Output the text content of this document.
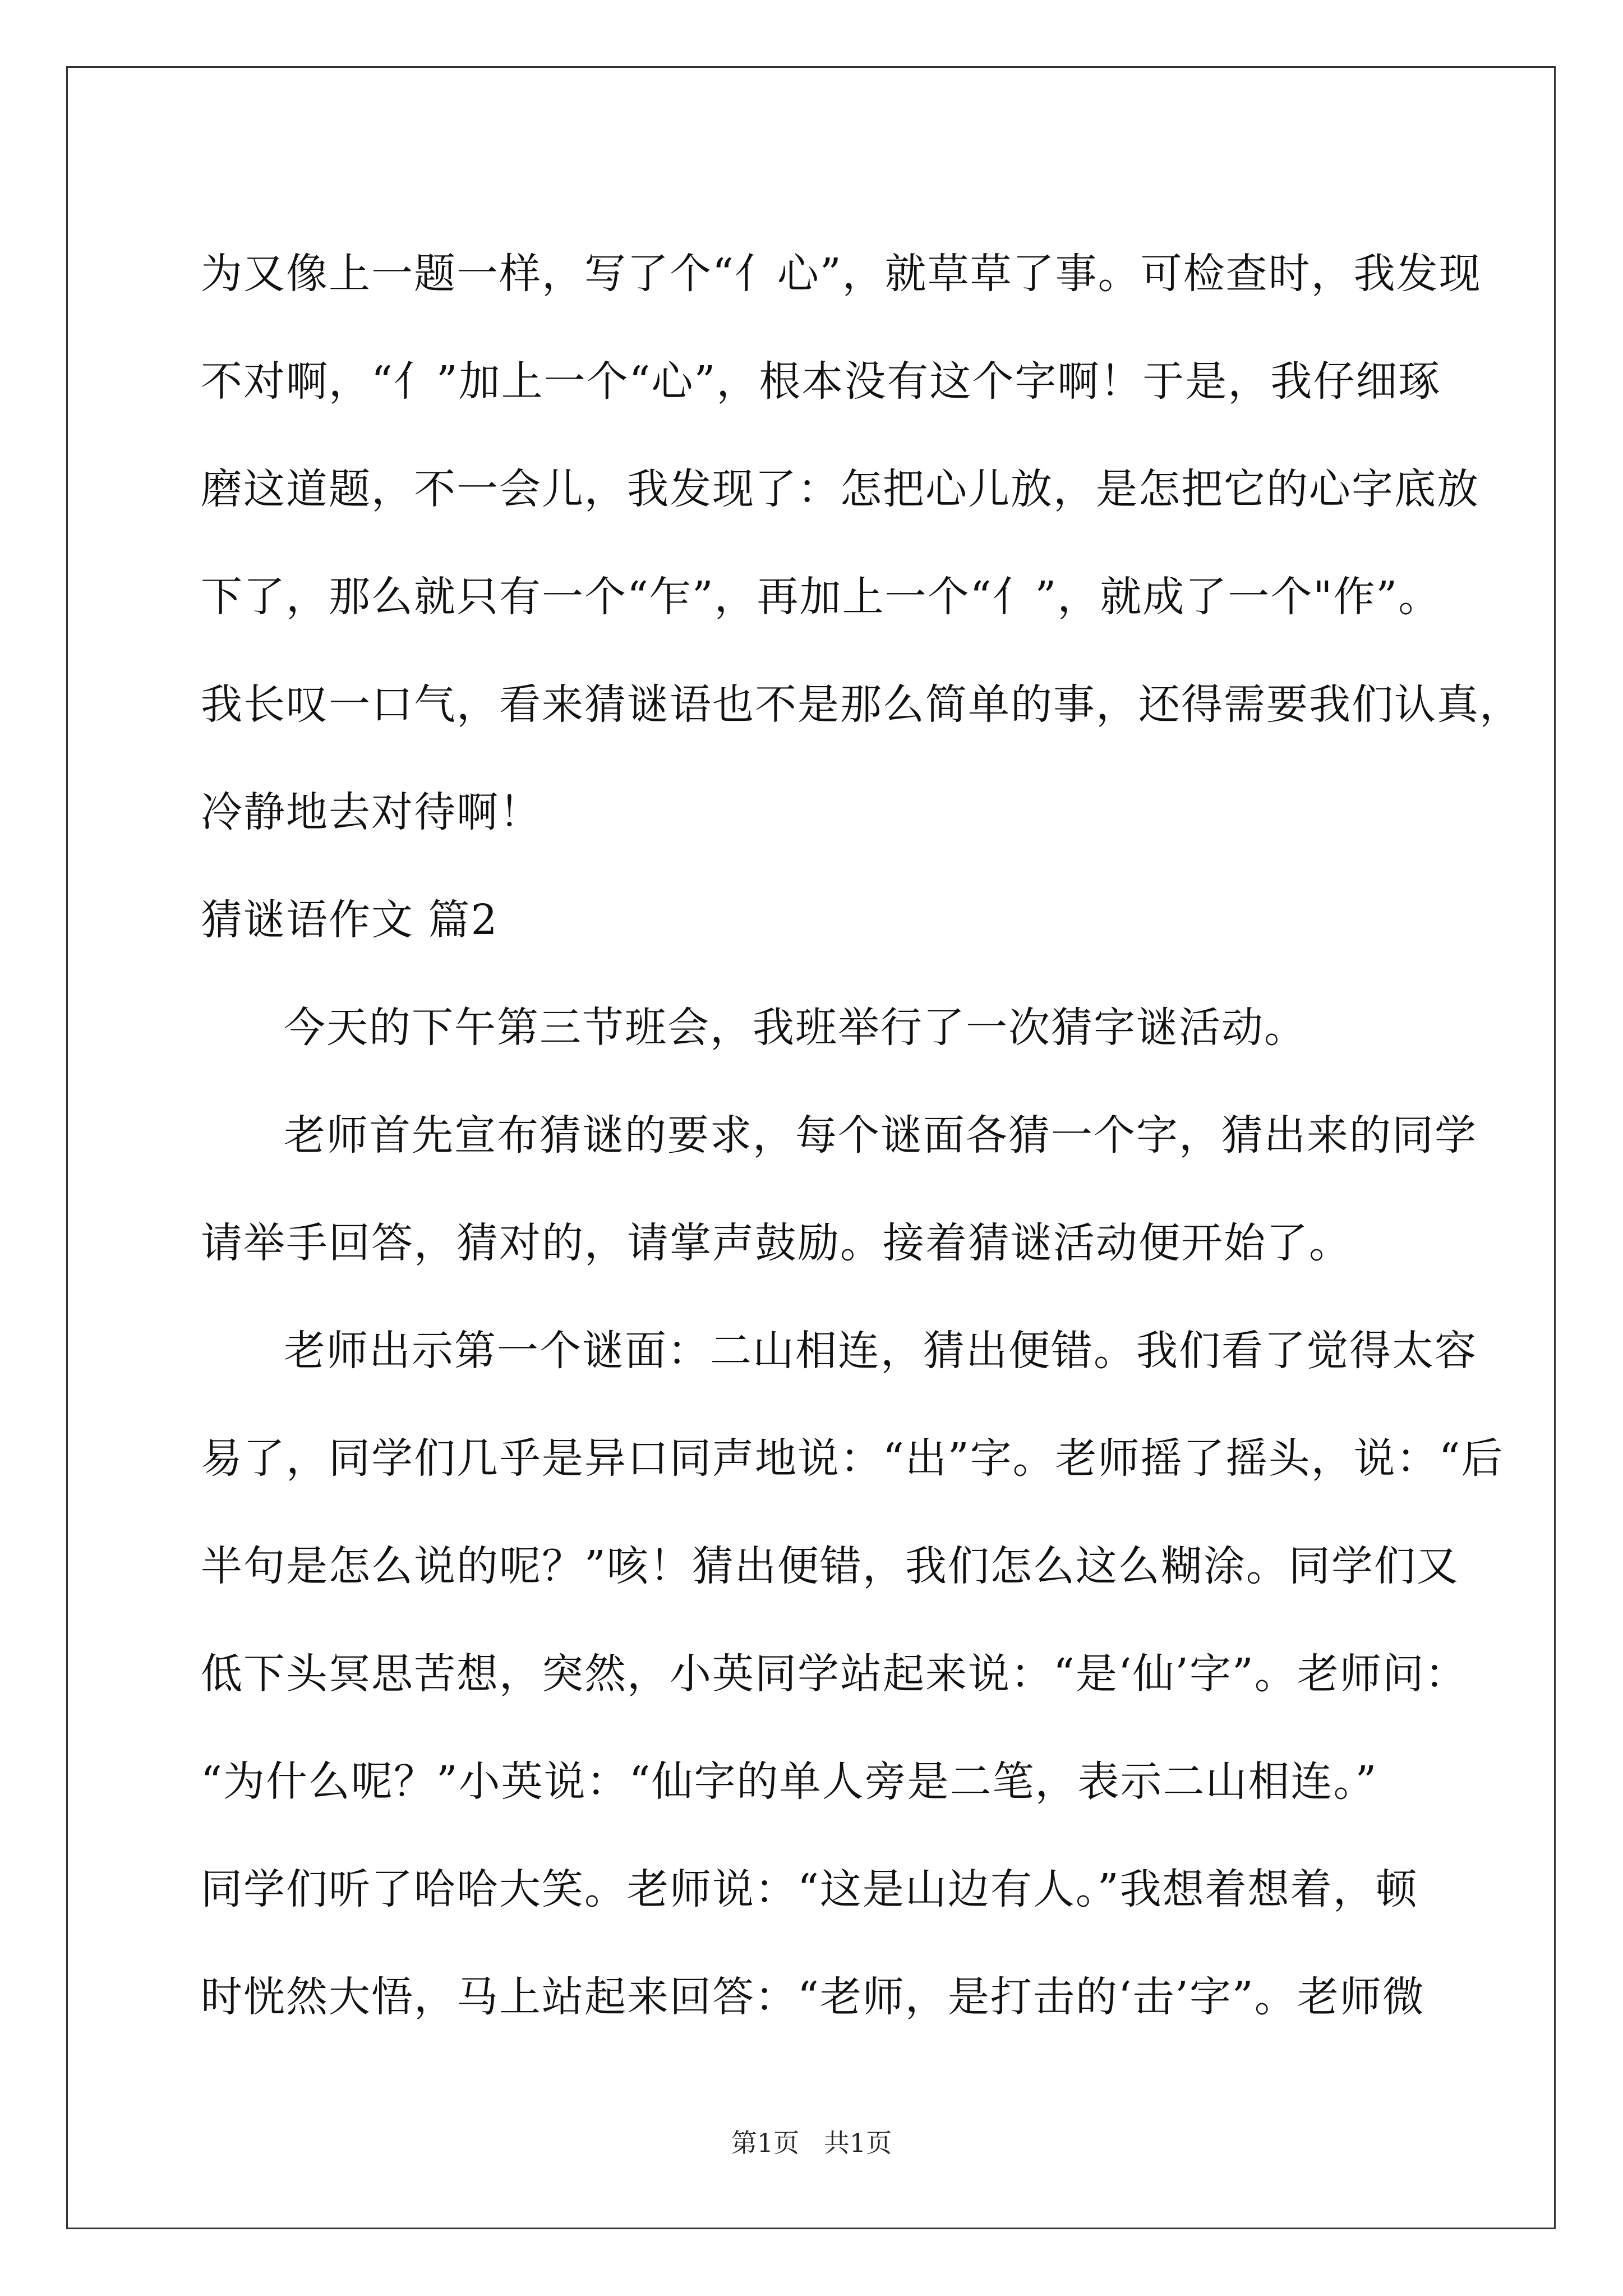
为又像上一题一样，写了个“亻心”，就草草了事。可检查时，我发现
不对啊，“亻”加上一个“心”，根本没有这个字啊！于是，我仔细琢
磨这道题，不一会儿，我发现了：怎把心儿放，是怎把它的心字底放
下了，那么就只有一个“乍”，再加上一个“亻”，就成了一个"作”。
我长叹一口气，看来猜谜语也不是那么简单的事，还得需要我们认真，
冷静地去对待啊！
猜谜语作文 篇2
今天的下午第三节班会，我班举行了一次猜字谜活动。
老师首先宣布猜谜的要求，每个谜面各猜一个字，猜出来的同学
请举手回答，猜对的，请掌声鼓励。接着猜谜活动便开始了。
老师出示第一个谜面：二山相连，猜出便错。我们看了觉得太容
易了，同学们几乎是异口同声地说：“出”字。老师摇了摇头，说：“后
半句是怎么说的呢？”咳！猜出便错，我们怎么这么糊涂。同学们又
低下头冥思苦想，突然，小英同学站起来说：“是‘仙’字”。老师问：
“为什么呢？”小英说：“仙字的单人旁是二笔，表示二山相连。”
同学们听了哈哈大笑。老师说：“这是山边有人。”我想着想着，顿
时恍然大悟，马上站起来回答：“老师，是打击的‘击’字”。老师微
第1页   共1页
